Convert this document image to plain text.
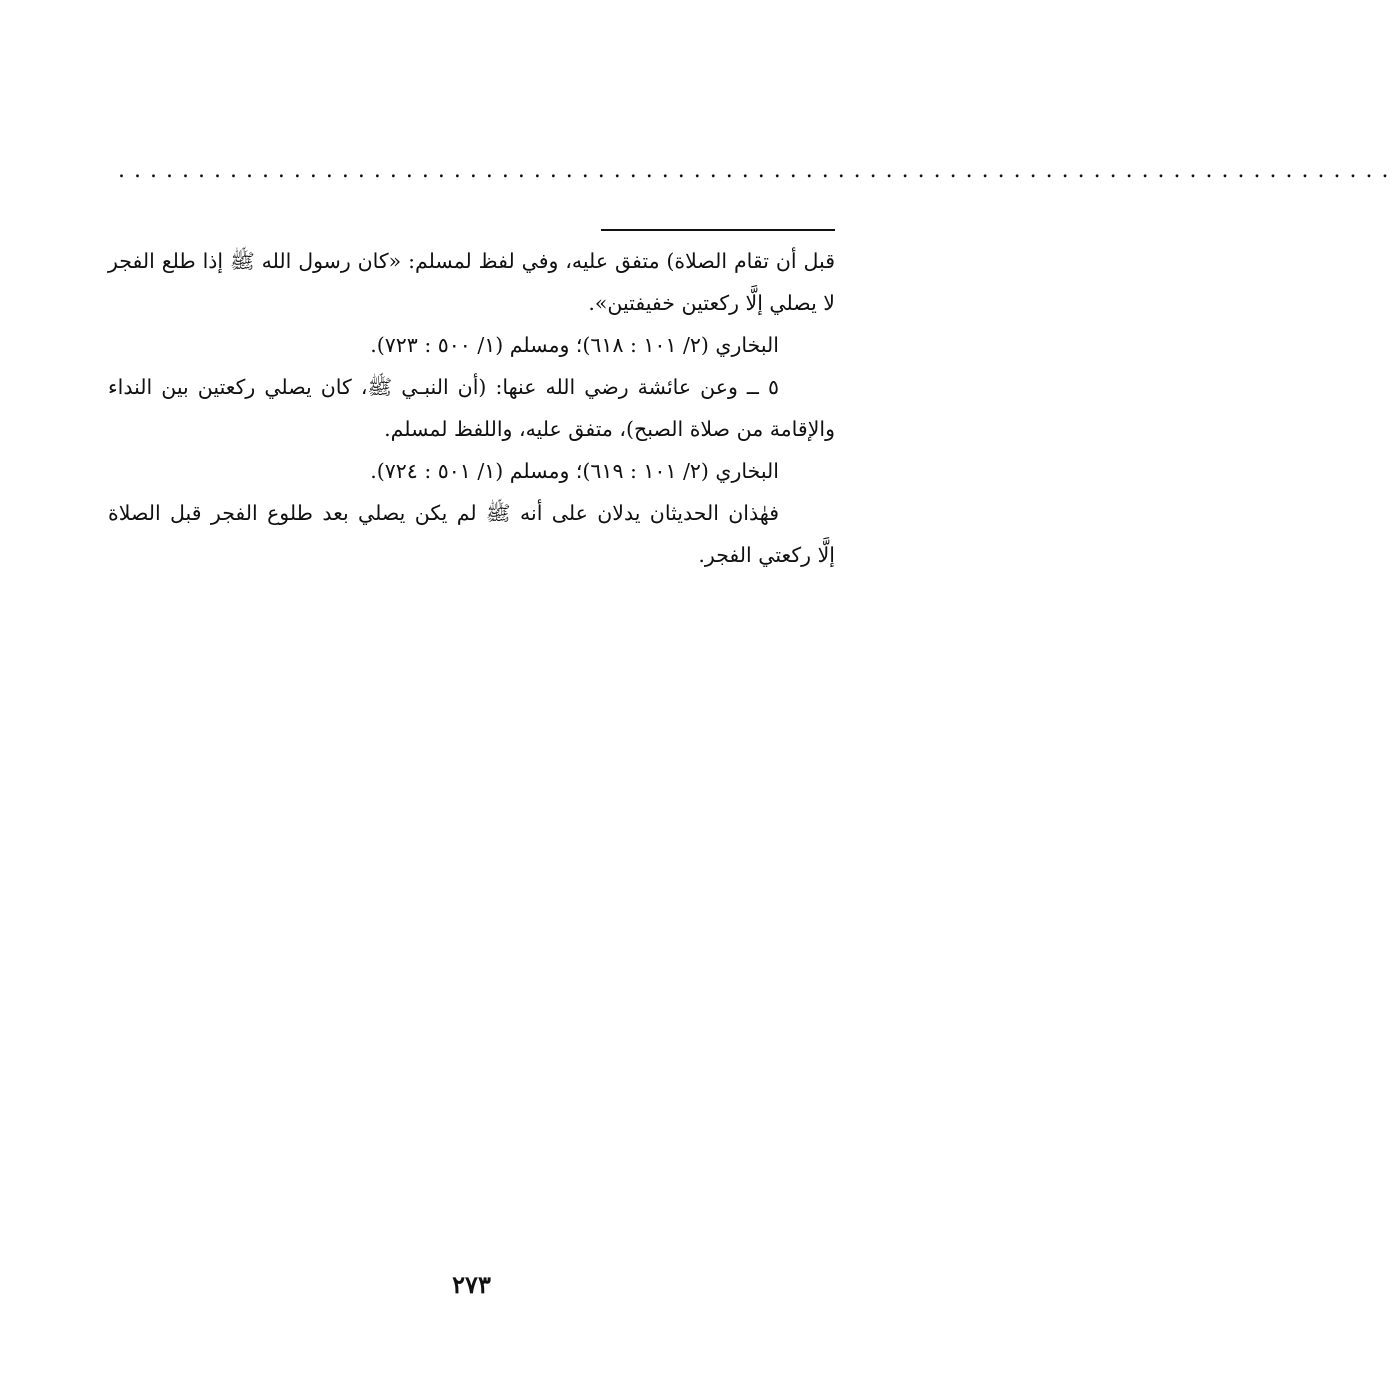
................................................................................
قبل أن تقام الصلاة) متفق عليه، وفي لفظ لمسلم: «كان رسول الله ﷺ إذا طلع الفجر
لا يصلي إلَّا ركعتين خفيفتين».
البخاري (٢/ ١٠١ : ٦١٨)؛ ومسلم (١/ ٥٠٠ : ٧٢٣).
٥ ــ وعن عائشة رضي الله عنها: (أن النبـي ﷺ، كان يصلي ركعتين بين النداء
والإقامة من صلاة الصبح)، متفق عليه، واللفظ لمسلم.
البخاري (٢/ ١٠١ : ٦١٩)؛ ومسلم (١/ ٥٠١ : ٧٢٤).
فهٰذان الحديثان يدلان على أنه ﷺ لم يكن يصلي بعد طلوع الفجر قبل الصلاة
إلَّا ركعتي الفجر.
٢٧٣
